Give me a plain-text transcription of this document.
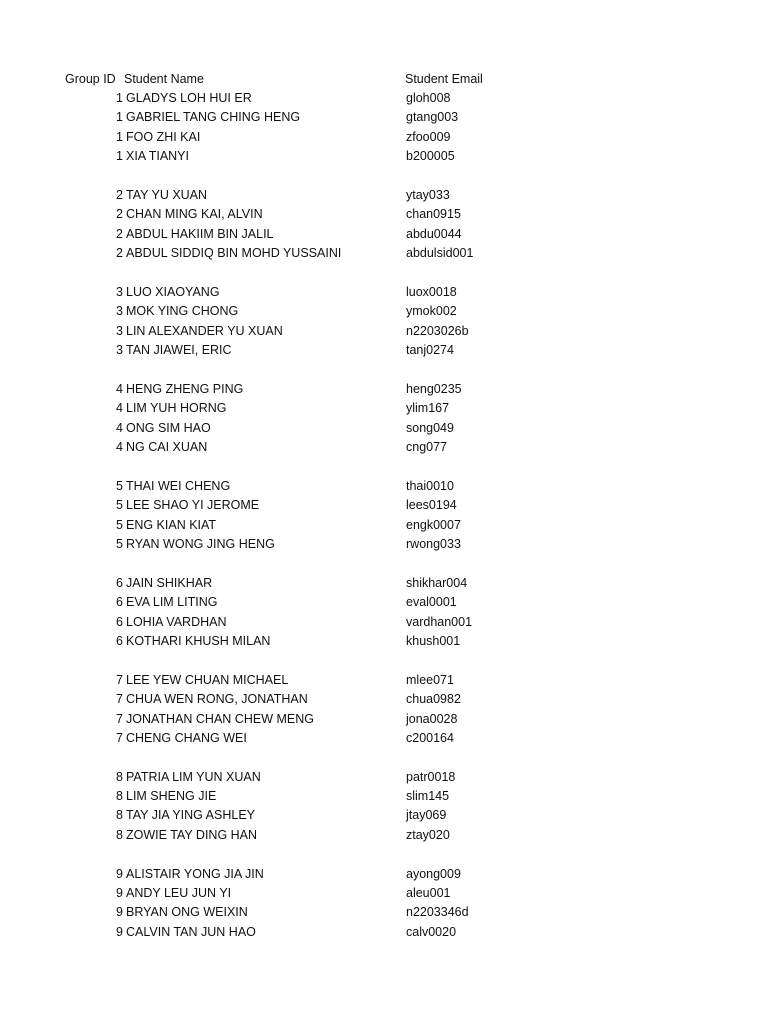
Group ID Student Name	Student Email
1 GLADYS LOH HUI ER	gloh008
1 GABRIEL TANG CHING HENG	gtang003
1 FOO ZHI KAI	zfoo009
1 XIA TIANYI	b200005
2 TAY YU XUAN	ytay033
2 CHAN MING KAI, ALVIN	chan0915
2 ABDUL HAKIIM BIN JALIL	abdu0044
2 ABDUL SIDDIQ BIN MOHD YUSSAINI	abdulsid001
3 LUO XIAOYANG	luox0018
3 MOK YING CHONG	ymok002
3 LIN ALEXANDER YU XUAN	n2203026b
3 TAN JIAWEI, ERIC	tanj0274
4 HENG ZHENG PING	heng0235
4 LIM YUH HORNG	ylim167
4 ONG SIM HAO	song049
4 NG CAI XUAN	cng077
5 THAI WEI CHENG	thai0010
5 LEE SHAO YI JEROME	lees0194
5 ENG KIAN KIAT	engk0007
5 RYAN WONG JING HENG	rwong033
6 JAIN SHIKHAR	shikhar004
6 EVA LIM LITING	eval0001
6 LOHIA VARDHAN	vardhan001
6 KOTHARI KHUSH MILAN	khush001
7 LEE YEW CHUAN MICHAEL	mlee071
7 CHUA WEN RONG, JONATHAN	chua0982
7 JONATHAN CHAN CHEW MENG	jona0028
7 CHENG CHANG WEI	c200164
8 PATRIA LIM YUN XUAN	patr0018
8 LIM SHENG JIE	slim145
8 TAY JIA YING ASHLEY	jtay069
8 ZOWIE TAY DING HAN	ztay020
9 ALISTAIR YONG JIA JIN	ayong009
9 ANDY LEU JUN YI	aleu001
9 BRYAN ONG WEIXIN	n2203346d
9 CALVIN TAN JUN HAO	calv0020
